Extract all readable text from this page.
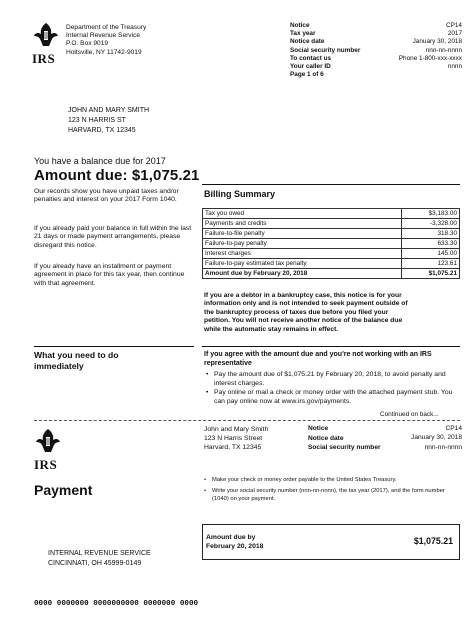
IRS
Department of the Treasury
Internal Revenue Service
P.O. Box 9019
Holtsville, NY 11742-9019
Notice	CP14
Tax year	2017
Notice date	January 30, 2018
Social security number	nnn-nn-nnnn
To contact us	Phone 1-800-xxx-xxxx
Your caller ID	nnnn
Page 1 of 6	
JOHN AND MARY SMITH
123 N HARRIS ST
HARVARD, TX 12345
You have a balance due for 2017
Amount due: $1,075.21
Our records show you have unpaid taxes and/or penalties and interest on your 2017 Form 1040.
If you already paid your balance in full within the last 21 days or made payment arrangements, please disregard this notice.
If you already have an installment or payment agreement in place for this tax year, then continue with that agreement.
Billing Summary
Tax you owed	$3,183.00
Payments and credits	-3,328.00
Failure-to-file penalty	318.30
Failure-to-pay penalty	633.30
Interest charges	145.00
Failure-to-pay estimated tax penalty	123.61
Amount due by February 20, 2018	$1,075.21
If you are a debtor in a bankruptcy case, this notice is for your information only and is not intended to seek payment outside of the bankruptcy process of taxes due before you filed your petition. You will not receive another notice of the balance due while the automatic stay remains in effect.
What you need to do immediately
If you agree with the amount due and you're not working with an IRS representative
• Pay the amount due of $1,075.21 by February 20, 2018, to avoid penalty and interest charges.
• Pay online or mail a check or money order with the attached payment stub. You can pay online now at www.irs.gov/payments.
Continued on back...
IRS
John and Mary Smith
123 N Harris Street
Harvard, TX 12345
Notice	CP14
Notice date	January 30, 2018
Social security number	nnn-nn-nnnn
Payment
• Make your check or money order payable to the United States Treasury.
• Write your social security number (nnn-nn-nnnn), the tax year (2017), and the form number (1040) on your payment.
Amount due by February 20, 2018
$1,075.21
INTERNAL REVENUE SERVICE
CINCINNATI, OH 45999-0149
0000 0000000 0000000000 0000000 0000
